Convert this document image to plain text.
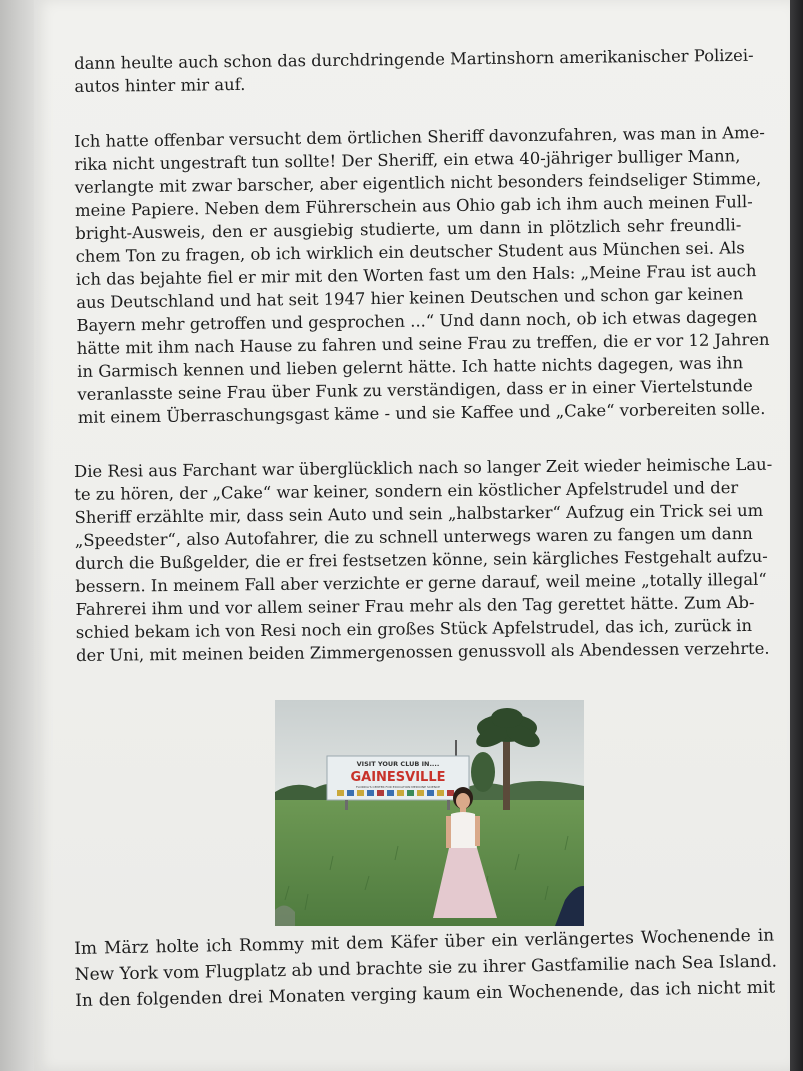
dann heulte auch schon das durchdringende Martinshorn amerikanischer Polizei-
autos hinter mir auf.
Ich hatte offenbar versucht dem örtlichen Sheriff davonzufahren, was man in Ame-
rika nicht ungestraft tun sollte! Der Sheriff, ein etwa 40-jähriger bulliger Mann,
verlangte mit zwar barscher, aber eigentlich nicht besonders feindseliger Stimme,
meine Papiere. Neben dem Führerschein aus Ohio gab ich ihm auch meinen Full-
bright-Ausweis, den er ausgiebig studierte, um dann in plötzlich sehr freundli-
chem Ton zu fragen, ob ich wirklich ein deutscher Student aus München sei. Als
ich das bejahte fiel er mir mit den Worten fast um den Hals: „Meine Frau ist auch
aus Deutschland und hat seit 1947 hier keinen Deutschen und schon gar keinen
Bayern mehr getroffen und gesprochen ...“ Und dann noch, ob ich etwas dagegen
hätte mit ihm nach Hause zu fahren und seine Frau zu treffen, die er vor 12 Jahren
in Garmisch kennen und lieben gelernt hätte. Ich hatte nichts dagegen, was ihn
veranlasste seine Frau über Funk zu verständigen, dass er in einer Viertelstunde
mit einem Überraschungsgast käme - und sie Kaffee und „Cake“ vorbereiten solle.
Die Resi aus Farchant war überglücklich nach so langer Zeit wieder heimische Lau-
te zu hören, der „Cake“ war keiner, sondern ein köstlicher Apfelstrudel und der
Sheriff erzählte mir, dass sein Auto und sein „halbstarker“ Aufzug ein Trick sei um
„Speedster“, also Autofahrer, die zu schnell unterwegs waren zu fangen um dann
durch die Bußgelder, die er frei festsetzen könne, sein kärgliches Festgehalt aufzu-
bessern. In meinem Fall aber verzichte er gerne darauf, weil meine „totally illegal“
Fahrerei ihm und vor allem seiner Frau mehr als den Tag gerettet hätte. Zum Ab-
schied bekam ich von Resi noch ein großes Stück Apfelstrudel, das ich, zurück in
der Uni, mit meinen beiden Zimmergenossen genussvoll als Abendessen verzehrte.
VISIT YOUR CLUB IN....
GAINESVILLE
FLORIDA'S CENTER FOR EDUCATION MEDICINE SCIENCE
Im März holte ich Rommy mit dem Käfer über ein verlängertes Wochenende in
New York vom Flugplatz ab und brachte sie zu ihrer Gastfamilie nach Sea Island.
In den folgenden drei Monaten verging kaum ein Wochenende, das ich nicht mit
